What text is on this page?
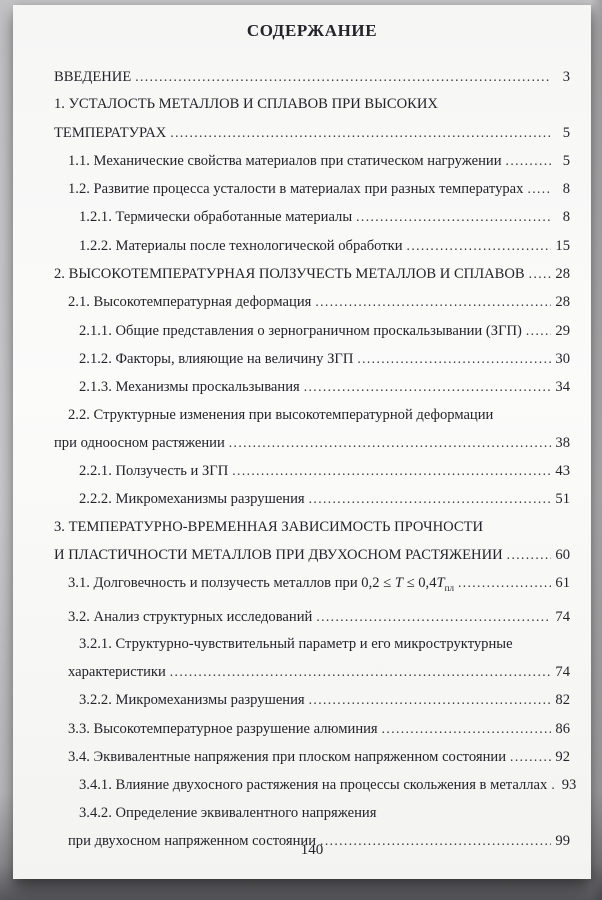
СОДЕРЖАНИЕ
ВВЕДЕНИЕ .....	3
1. УСТАЛОСТЬ МЕТАЛЛОВ И СПЛАВОВ ПРИ ВЫСОКИХ
ТЕМПЕРАТУРАХ .....	5
1.1. Механические свойства материалов при статическом нагружении .....	5
1.2. Развитие процесса усталости в материалах при разных температурах .....	8
1.2.1. Термически обработанные материалы .....	8
1.2.2. Материалы после технологической обработки .....	15
2. ВЫСОКОТЕМПЕРАТУРНАЯ ПОЛЗУЧЕСТЬ МЕТАЛЛОВ И СПЛАВОВ ..... 28
2.1. Высокотемпературная деформация .....	28
2.1.1. Общие представления о зернограничном проскальзывании (ЗГП) ..... 29
2.1.2. Факторы, влияющие на величину ЗГП .....	30
2.1.3. Механизмы проскальзывания .....	34
2.2. Структурные изменения при высокотемпературной деформации
при одноосном растяжении .....	38
2.2.1. Ползучесть и ЗГП .....	43
2.2.2. Микромеханизмы разрушения .....	51
3. ТЕМПЕРАТУРНО-ВРЕМЕННАЯ ЗАВИСИМОСТЬ ПРОЧНОСТИ
И ПЛАСТИЧНОСТИ МЕТАЛЛОВ ПРИ ДВУХОСНОМ РАСТЯЖЕНИИ .....	60
3.1. Долговечность и ползучесть металлов при $0,2 \le T \le 0,4T_{пл}$ .....	61
3.2. Анализ структурных исследований .....	74
3.2.1. Структурно-чувствительный параметр и его микроструктурные
характеристики .....	74
3.2.2. Микромеханизмы разрушения .....	82
3.3. Высокотемпературное разрушение алюминия .....	86
3.4. Эквивалентные напряжения при плоском напряженном состоянии .....	92
3.4.1. Влияние двухосного растяжения на процессы скольжения в металлах ..... 93
3.4.2. Определение эквивалентного напряжения
при двухосном напряженном состоянии .....	99
140
